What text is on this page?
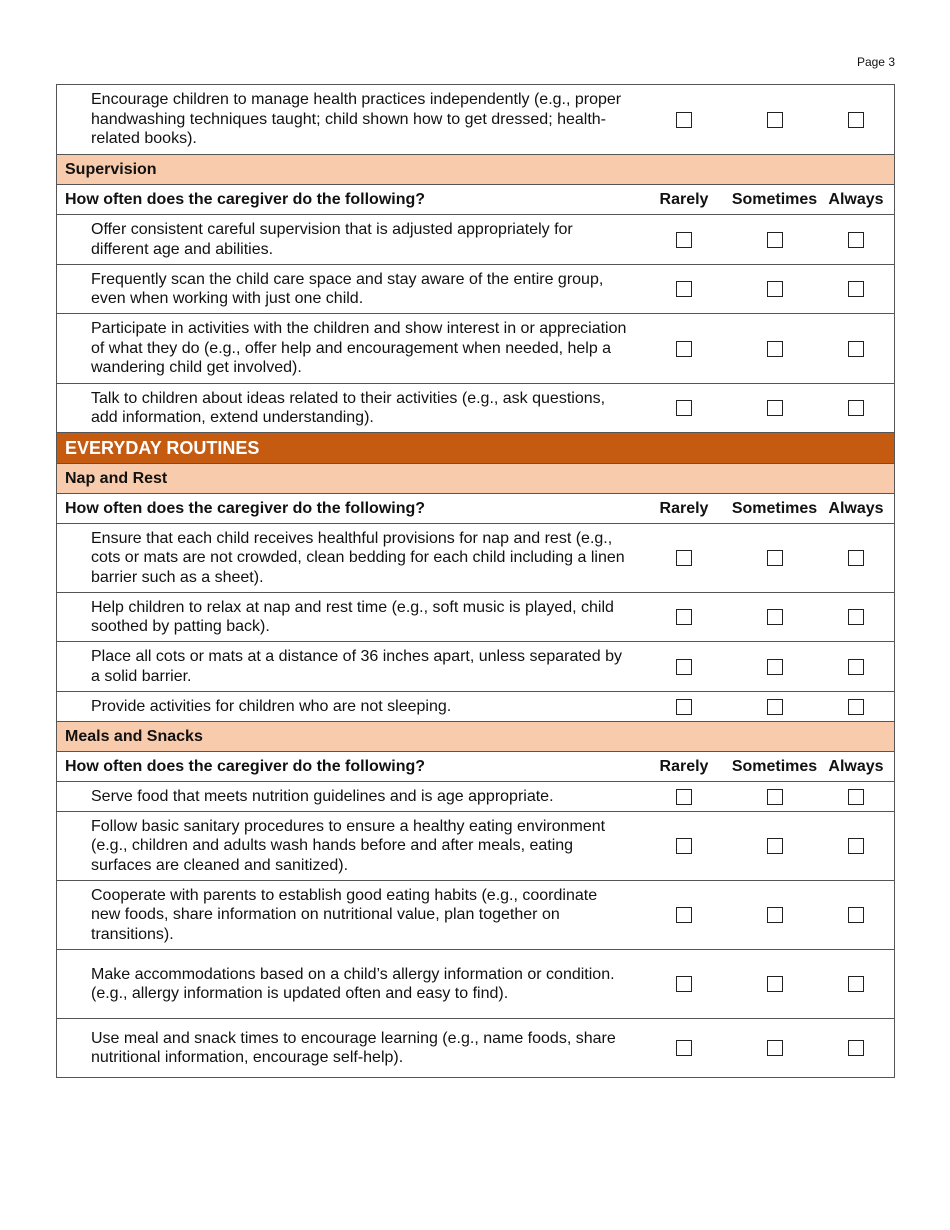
Page 3
Encourage children to manage health practices independently (e.g., proper handwashing techniques taught; child shown how to get dressed; health-related books).
Supervision
How often does the caregiver do the following?	Rarely	Sometimes Always
Offer consistent careful supervision that is adjusted appropriately for different age and abilities.
Frequently scan the child care space and stay aware of the entire group, even when working with just one child.
Participate in activities with the children and show interest in or appreciation of what they do (e.g., offer help and encouragement when needed, help a wandering child get involved).
Talk to children about ideas related to their activities (e.g., ask questions, add information, extend understanding).
EVERYDAY ROUTINES
Nap and Rest
How often does the caregiver do the following?	Rarely	Sometimes Always
Ensure that each child receives healthful provisions for nap and rest (e.g., cots or mats are not crowded, clean bedding for each child including a linen barrier such as a sheet).
Help children to relax at nap and rest time (e.g., soft music is played, child soothed by patting back).
Place all cots or mats at a distance of 36 inches apart, unless separated by a solid barrier.
Provide activities for children who are not sleeping.
Meals and Snacks
How often does the caregiver do the following?	Rarely	Sometimes Always
Serve food that meets nutrition guidelines and is age appropriate.
Follow basic sanitary procedures to ensure a healthy eating environment (e.g., children and adults wash hands before and after meals, eating surfaces are cleaned and sanitized).
Cooperate with parents to establish good eating habits (e.g., coordinate new foods, share information on nutritional value, plan together on transitions).
Make accommodations based on a child’s allergy information or condition. (e.g., allergy information is updated often and easy to find).
Use meal and snack times to encourage learning (e.g., name foods, share nutritional information, encourage self-help).
